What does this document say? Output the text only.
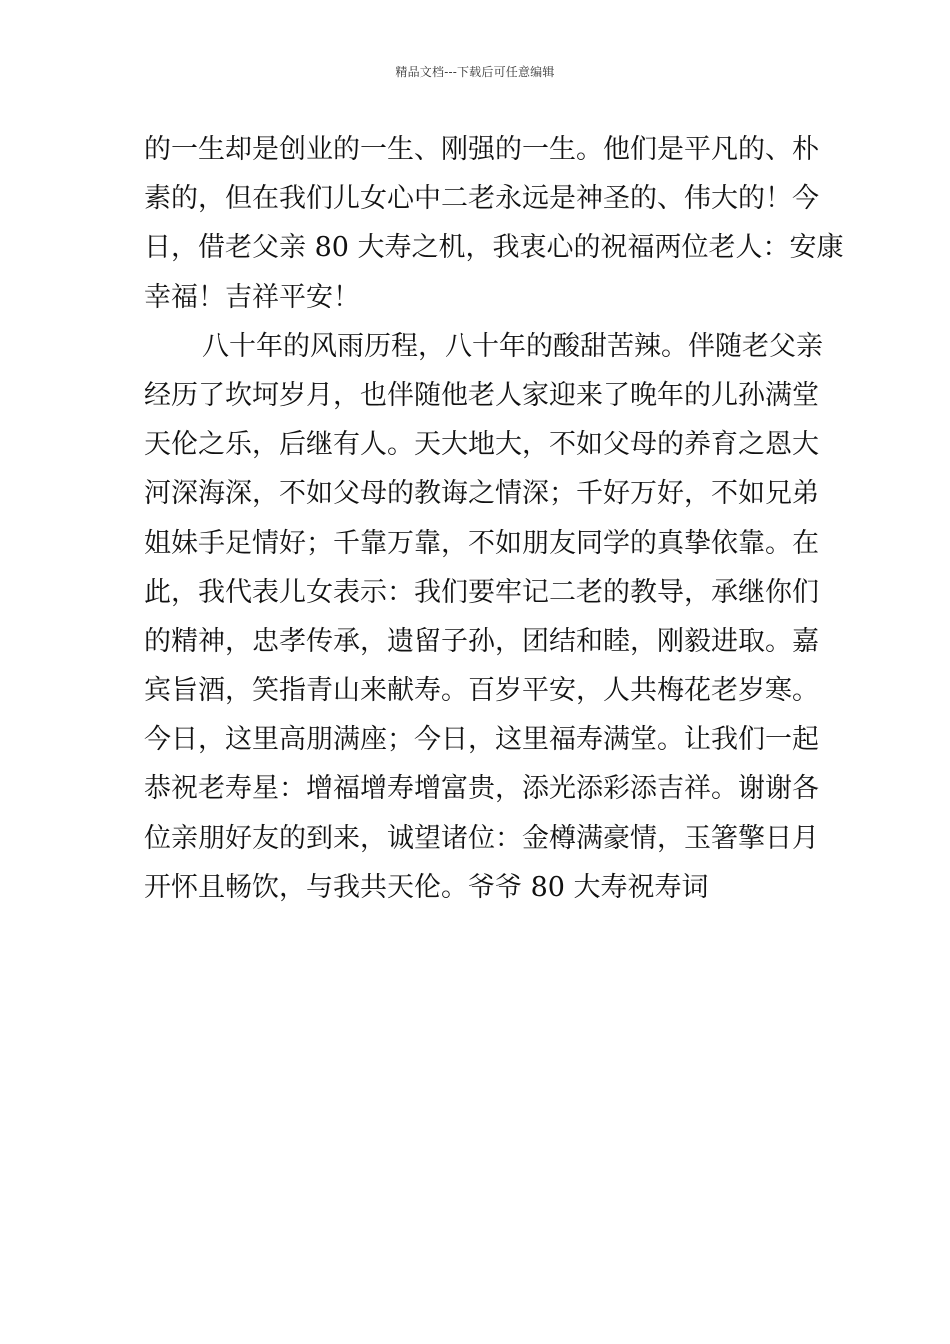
精品文档---下载后可任意编辑
的一生却是创业的一生、刚强的一生。他们是平凡的、朴
素的，但在我们儿女心中二老永远是神圣的、伟大的！今
日，借老父亲 80 大寿之机，我衷心的祝福两位老人：安康
幸福！吉祥平安！
八十年的风雨历程，八十年的酸甜苦辣。伴随老父亲
经历了坎坷岁月，也伴随他老人家迎来了晚年的儿孙满堂
天伦之乐，后继有人。天大地大，不如父母的养育之恩大
河深海深，不如父母的教诲之情深；千好万好，不如兄弟
姐妹手足情好；千靠万靠，不如朋友同学的真挚依靠。在
此，我代表儿女表示：我们要牢记二老的教导，承继你们
的精神，忠孝传承，遗留子孙，团结和睦，刚毅进取。嘉
宾旨酒，笑指青山来献寿。百岁平安，人共梅花老岁寒。
今日，这里高朋满座；今日，这里福寿满堂。让我们一起
恭祝老寿星：增福增寿增富贵，添光添彩添吉祥。谢谢各
位亲朋好友的到来，诚望诸位：金樽满豪情，玉箸擎日月
开怀且畅饮，与我共天伦。爷爷 80 大寿祝寿词
